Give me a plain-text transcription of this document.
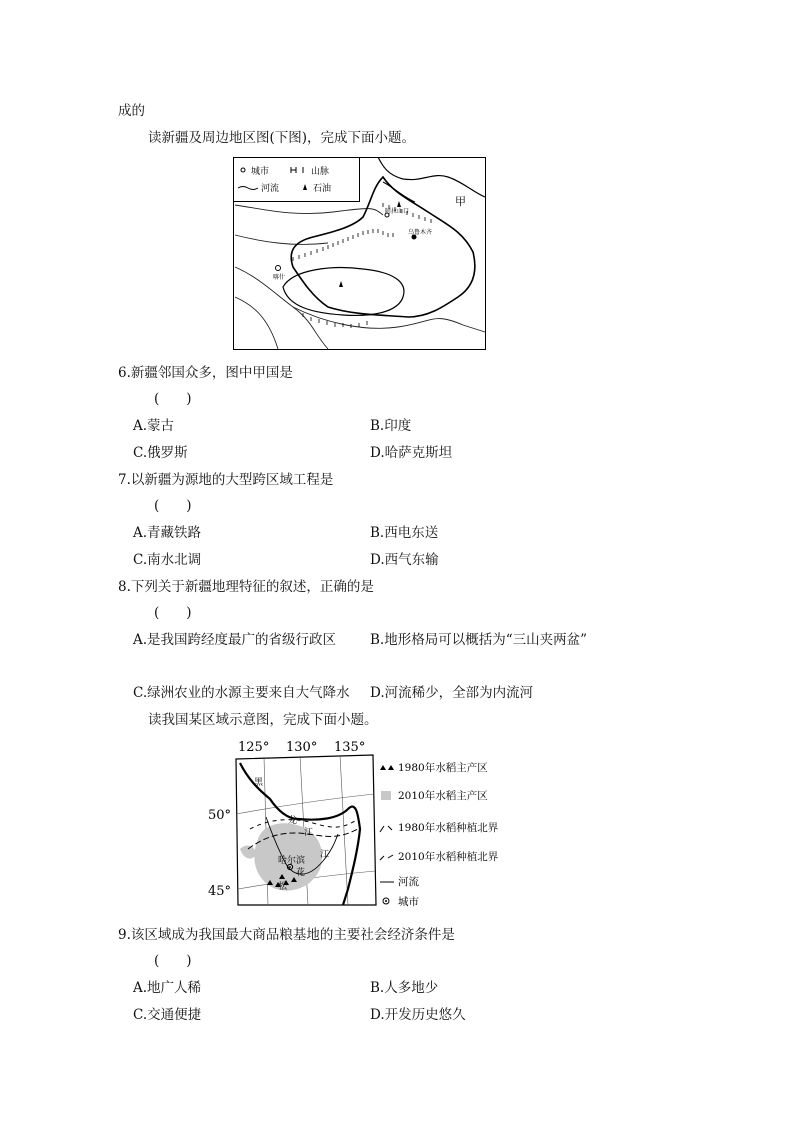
成的
读新疆及周边地区图(下图)，完成下面小题。
城市	山脉
河流	石油
甲
阿拉山口
乌鲁木齐
喀什
6.新疆邻国众多，图中甲国是
(　　)
A.蒙古	B.印度
C.俄罗斯	D.哈萨克斯坦
7.以新疆为源地的大型跨区域工程是
(　　)
A.青藏铁路	B.西电东送
C.南水北调	D.西气东输
8.下列关于新疆地理特征的叙述，正确的是
(　　)
A.是我国跨经度最广的省级行政区	B.地形格局可以概括为“三山夹两盆”
C.绿洲农业的水源主要来自大气降水 D.河流稀少，全部为内流河
读我国某区域示意图，完成下面小题。
125° 130° 135°
50°
45°
黑
龙
江
哈尔滨
松
花
江
1980年水稻主产区
2010年水稻主产区
1980年水稻种植北界
2010年水稻种植北界
河流
城市
9.该区域成为我国最大商品粮基地的主要社会经济条件是
(　　)
A.地广人稀	B.人多地少
C.交通便捷	D.开发历史悠久
